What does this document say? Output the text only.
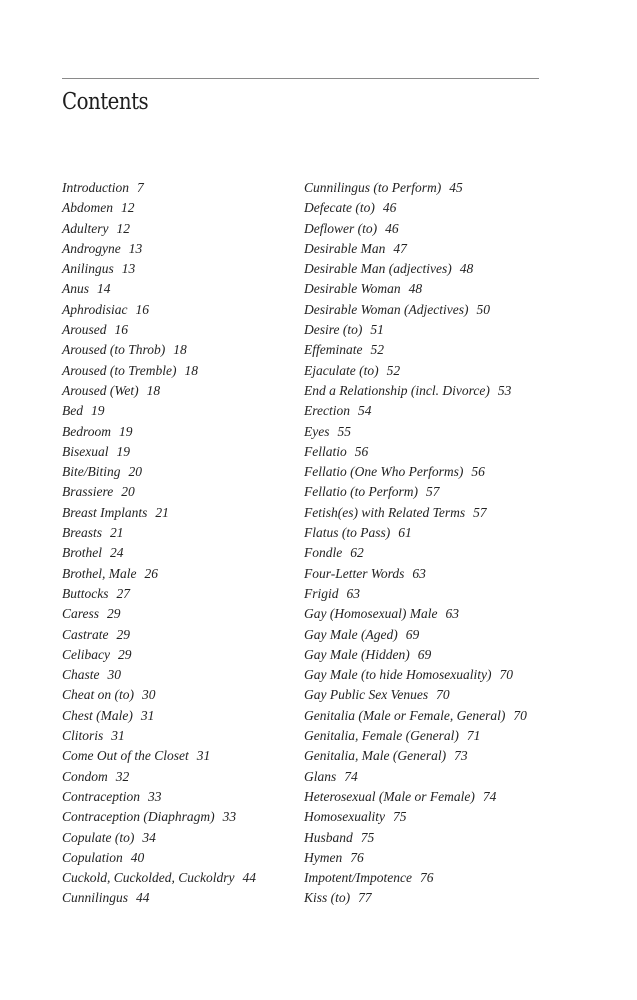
Contents
Introduction 7
Abdomen 12
Adultery 12
Androgyne 13
Anilingus 13
Anus 14
Aphrodisiac 16
Aroused 16
Aroused (to Throb) 18
Aroused (to Tremble) 18
Aroused (Wet) 18
Bed 19
Bedroom 19
Bisexual 19
Bite/Biting 20
Brassiere 20
Breast Implants 21
Breasts 21
Brothel 24
Brothel, Male 26
Buttocks 27
Caress 29
Castrate 29
Celibacy 29
Chaste 30
Cheat on (to) 30
Chest (Male) 31
Clitoris 31
Come Out of the Closet 31
Condom 32
Contraception 33
Contraception (Diaphragm) 33
Copulate (to) 34
Copulation 40
Cuckold, Cuckolded, Cuckoldry 44
Cunnilingus 44
Cunnilingus (to Perform) 45
Defecate (to) 46
Deflower (to) 46
Desirable Man 47
Desirable Man (adjectives) 48
Desirable Woman 48
Desirable Woman (Adjectives) 50
Desire (to) 51
Effeminate 52
Ejaculate (to) 52
End a Relationship (incl. Divorce) 53
Erection 54
Eyes 55
Fellatio 56
Fellatio (One Who Performs) 56
Fellatio (to Perform) 57
Fetish(es) with Related Terms 57
Flatus (to Pass) 61
Fondle 62
Four-Letter Words 63
Frigid 63
Gay (Homosexual) Male 63
Gay Male (Aged) 69
Gay Male (Hidden) 69
Gay Male (to hide Homosexuality) 70
Gay Public Sex Venues 70
Genitalia (Male or Female, General) 70
Genitalia, Female (General) 71
Genitalia, Male (General) 73
Glans 74
Heterosexual (Male or Female) 74
Homosexuality 75
Husband 75
Hymen 76
Impotent/Impotence 76
Kiss (to) 77
